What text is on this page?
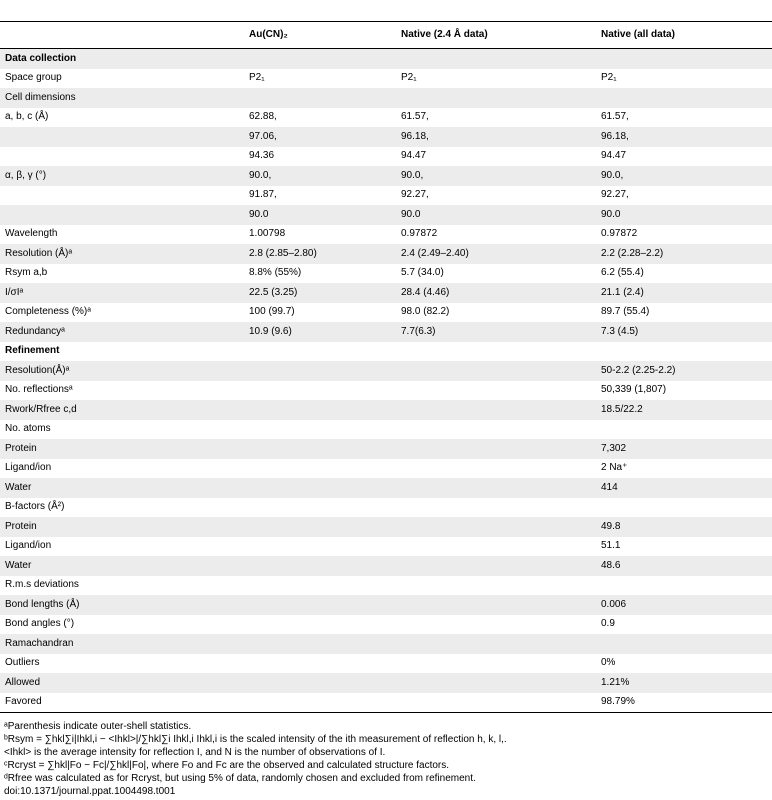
	Au(CN)₂	Native (2.4 Å data)	Native (all data)
Data collection			
Space group	P2₁	P2₁	P2₁
Cell dimensions			
a, b, c (Å)	62.88,	61.57,	61.57,
	97.06,	96.18,	96.18,
	94.36	94.47	94.47
α, β, γ (°)	90.0,	90.0,	90.0,
	91.87,	92.27,	92.27,
	90.0	90.0	90.0
Wavelength	1.00798	0.97872	0.97872
Resolution (Å)ᵃ	2.8 (2.85–2.80)	2.4 (2.49–2.40)	2.2 (2.28–2.2)
Rsym a,b	8.8% (55%)	5.7 (34.0)	6.2 (55.4)
I/σIᵃ	22.5 (3.25)	28.4 (4.46)	21.1 (2.4)
Completeness (%)ᵃ	100 (99.7)	98.0 (82.2)	89.7 (55.4)
Redundancyᵃ	10.9 (9.6)	7.7(6.3)	7.3 (4.5)
Refinement			
Resolution(Å)ᵃ			50-2.2 (2.25-2.2)
No. reflectionsᵃ			50,339 (1,807)
Rwork/Rfree c,d			18.5/22.2
No. atoms			
Protein			7,302
Ligand/ion			2 Na⁺
Water			414
B-factors (Å²)			
Protein			49.8
Ligand/ion			51.1
Water			48.6
R.m.s deviations			
Bond lengths (Å)			0.006
Bond angles (°)			0.9
Ramachandran			
Outliers			0%
Allowed			1.21%
Favored			98.79%
ᵃParenthesis indicate outer-shell statistics.
ᵇRsym = ∑hkl∑i|Ihkl,i − <Ihkl>|/∑hkl∑i Ihkl,i Ihkl,i is the scaled intensity of the ith measurement of reflection h, k, l,.
<Ihkl> is the average intensity for reflection I, and N is the number of observations of I.
ᶜRcryst = ∑hkl|Fo − Fc|/∑hkl|Fo|, where Fo and Fc are the observed and calculated structure factors.
ᵈRfree was calculated as for Rcryst, but using 5% of data, randomly chosen and excluded from refinement.
doi:10.1371/journal.ppat.1004498.t001
